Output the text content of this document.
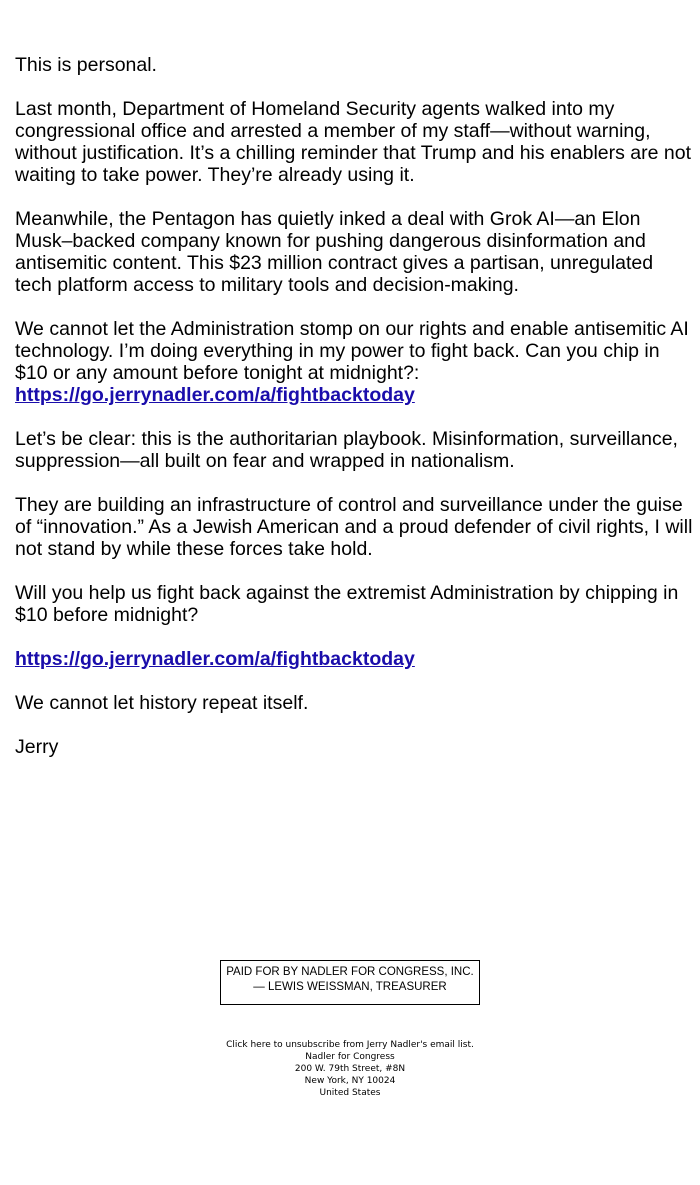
This is personal.

Last month, Department of Homeland Security agents walked into my congressional office and arrested a member of my staff—without warning, without justification. It’s a chilling reminder that Trump and his enablers are not waiting to take power. They’re already using it.

Meanwhile, the Pentagon has quietly inked a deal with Grok AI—an Elon Musk–backed company known for pushing dangerous disinformation and antisemitic content. This $23 million contract gives a partisan, unregulated tech platform access to military tools and decision-making.

We cannot let the Administration stomp on our rights and enable antisemitic AI technology. I’m doing everything in my power to fight back. Can you chip in $10 or any amount before tonight at midnight?:
https://go.jerrynadler.com/a/fightbacktoday

Let’s be clear: this is the authoritarian playbook. Misinformation, surveillance, suppression—all built on fear and wrapped in nationalism.

They are building an infrastructure of control and surveillance under the guise of “innovation.” As a Jewish American and a proud defender of civil rights, I will not stand by while these forces take hold.

Will you help us fight back against the extremist Administration by chipping in $10 before midnight?

https://go.jerrynadler.com/a/fightbacktoday

We cannot let history repeat itself.

Jerry

PAID FOR BY NADLER FOR CONGRESS, INC.
— LEWIS WEISSMAN, TREASURER
Click here to unsubscribe from Jerry Nadler's email list.
Nadler for Congress
200 W. 79th Street, #8N
New York, NY 10024
United States
